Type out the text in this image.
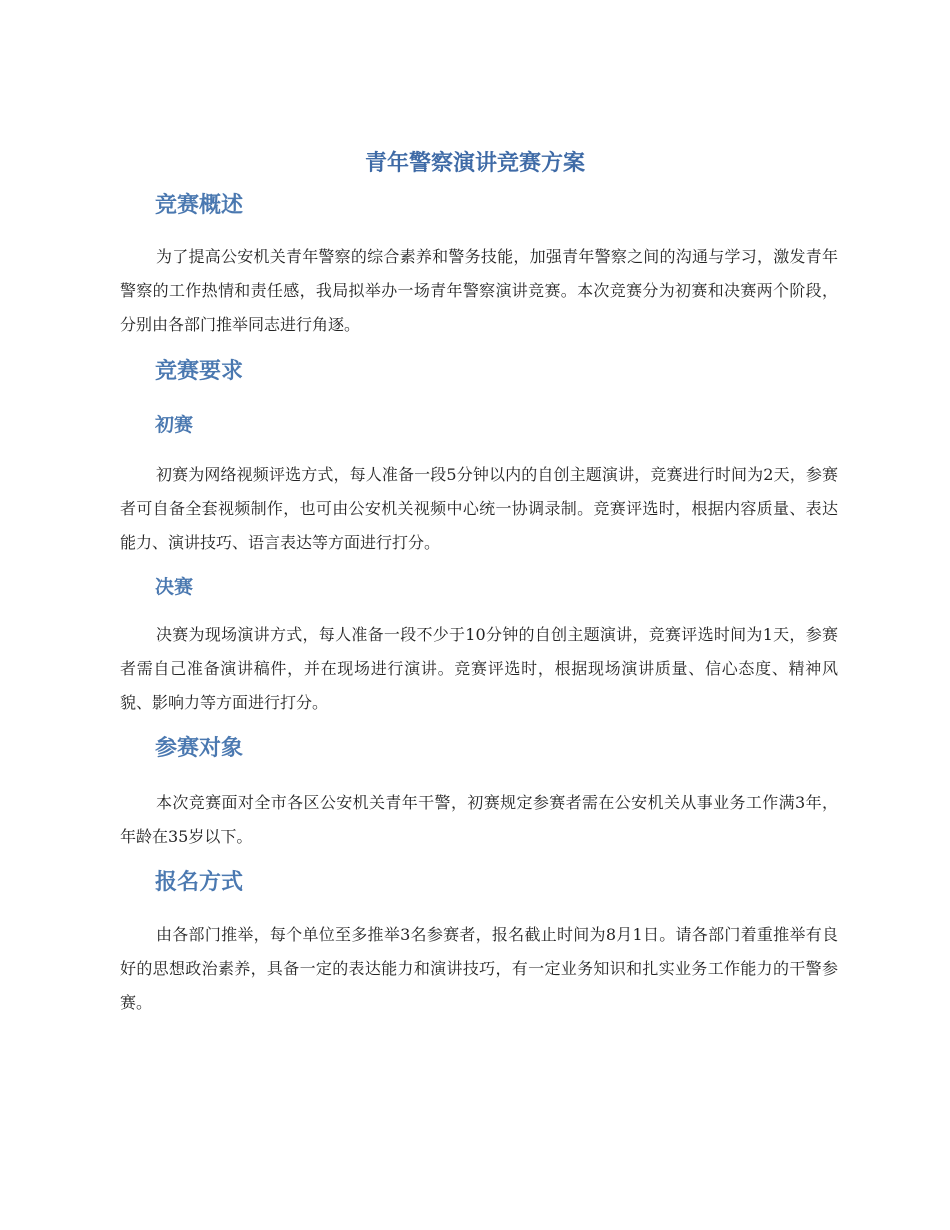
青年警察演讲竞赛方案
竞赛概述

为了提高公安机关青年警察的综合素养和警务技能，加强青年警察之间的沟通与学习，激发青年警察的工作热情和责任感，我局拟举办一场青年警察演讲竞赛。本次竞赛分为初赛和决赛两个阶段，分别由各部门推举同志进行角逐。

竞赛要求
初赛

初赛为网络视频评选方式，每人准备一段5分钟以内的自创主题演讲，竞赛进行时间为2天，参赛者可自备全套视频制作，也可由公安机关视频中心统一协调录制。竞赛评选时，根据内容质量、表达能力、演讲技巧、语言表达等方面进行打分。

决赛

决赛为现场演讲方式，每人准备一段不少于10分钟的自创主题演讲，竞赛评选时间为1天，参赛者需自己准备演讲稿件，并在现场进行演讲。竞赛评选时，根据现场演讲质量、信心态度、精神风貌、影响力等方面进行打分。

参赛对象

本次竞赛面对全市各区公安机关青年干警，初赛规定参赛者需在公安机关从事业务工作满3年，年龄在35岁以下。

报名方式

由各部门推举，每个单位至多推举3名参赛者，报名截止时间为8月1日。请各部门着重推举有良好的思想政治素养，具备一定的表达能力和演讲技巧，有一定业务知识和扎实业务工作能力的干警参赛。
